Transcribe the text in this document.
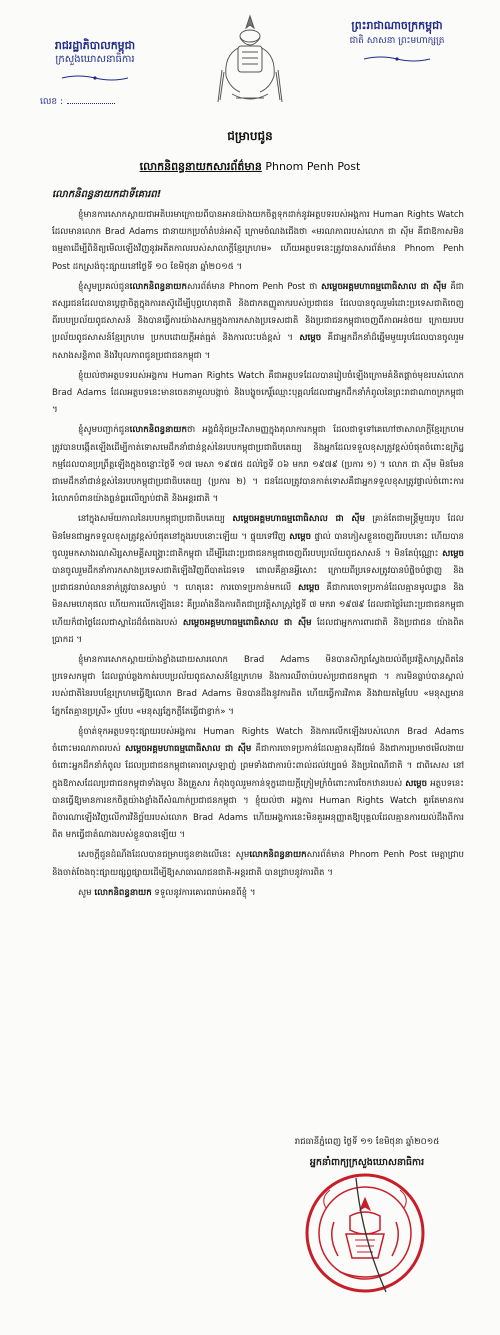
រាជរដ្ឋាភិបាលកម្ពុជា
ក្រសួងឃោសនាធិការ
លេខ :
ព្រះរាជាណាចក្រកម្ពុជា
ជាតិ សាសនា ព្រះមហាក្សត្រ
ជម្រាបជូន
លោកនិពន្ធនាយកសារព័ត៌មាន Phnom Penh Post
លោកនិពន្ធនាយកជាទីគោរព!

ខ្ញុំមានការសោកស្តាយជាអតិបរមាក្រោយពីបានអានយ៉ាងយកចិត្តទុកដាក់នូវអត្ថបទរបស់អង្គការ Human Rights Watch ដែលមានលោក Brad Adams ជានាយកប្រចាំតំបន់អាស៊ី ក្រោមចំណងជើងថា «មរណភាពរបស់លោក ជា ស៊ីម គឺជាឱកាសមិនធម្មតាដើម្បីពិនិត្យមើលឡើងវិញនូវអតីតកាលរបស់សាលាក្តីខ្មែរក្រហម» ហើយអត្ថបទនេះត្រូវបានសារព័ត៌មាន Phnom Penh Post ដកស្រង់ចុះផ្សាយនៅថ្ងៃទី ១០ ខែមិថុនា ឆ្នាំ២០១៥ ។

ខ្ញុំសូមប្រគល់ជូនលោកនិពន្ធនាយកសារព័ត៌មាន Phnom Penh Post ថា សម្តេចអគ្គមហាធម្មពោធិសាល ជា ស៊ីម គឺជាឥស្សរជនដែលបានប្តេជ្ញាចិត្តក្នុងការតស៊ូដើម្បីបុព្វហេតុជាតិ និងជាកតញ្ញូតាករបស់ប្រជាជន ដែលបានចូលរួមរំដោះប្រទេសជាតិចេញពីរបបប្រល័យពូជសាសន៍ និងបានធ្វើការយ៉ាងសកម្មក្នុងការកសាងប្រទេសជាតិ និងប្រជាជនកម្ពុជាចេញពីភាពអន់ថយ ក្រោយរបបប្រល័យពូជសាសន៍ខ្មែរក្រហម ប្រកបដោយក្តីអត់ធ្មត់ និងការលះបង់ខ្ពស់ ។ សម្តេច គឺជាអ្នកដឹកនាំដ៏ឆ្នើមមួយរូបដែលបានចូលរួមកសាងសន្តិភាព និងវិបុលភាពជូនប្រជាជនកម្ពុជា ។

ខ្ញុំយល់ថាអត្ថបទរបស់អង្គការ Human Rights Watch គឺជាអត្ថបទដែលបានរៀបចំឡើងក្រោមគំនិតផ្តាច់មុខរបស់លោក Brad Adams ដែលអត្ថបទនេះមានចេតនាមួលបង្កាច់ និងបង្ខូចកេរ្តិ៍ឈ្មោះបុគ្គលដែលជាអ្នកដឹកនាំកំពូលនៃព្រះរាជាណាចក្រកម្ពុជា ។

ខ្ញុំសូមបញ្ជាក់ជូនលោកនិពន្ធនាយកថា អង្គជំនុំជម្រះវិសាមញ្ញក្នុងតុលាការកម្ពុជា ដែលជាទូទៅគេហៅថាសាលាក្តីខ្មែរក្រហម ត្រូវបានបង្កើតឡើងដើម្បីកាត់ទោសមេដឹកនាំជាន់ខ្ពស់នៃរបបកម្ពុជាប្រជាធិបតេយ្យ និងអ្នកដែលទទួលខុសត្រូវខ្ពស់បំផុតចំពោះឧក្រិដ្ឋកម្មដែលបានប្រព្រឹត្តឡើងក្នុងចន្លោះថ្ងៃទី ១៧ មេសា ១៩៧៥ ដល់ថ្ងៃទី ០៦ មករា ១៩៧៩ (ប្រការ ១) ។ លោក ជា ស៊ីម មិនមែនជាមេដឹកនាំជាន់ខ្ពស់នៃរបបកម្ពុជាប្រជាធិបតេយ្យ (ប្រការ ២) ។ ជនដែលត្រូវបានកាត់ទោសគឺជាអ្នកទទួលខុសត្រូវផ្ទាល់ចំពោះការរំលោភបំពានយ៉ាងធ្ងន់ធ្ងរលើច្បាប់ជាតិ និងអន្តរជាតិ ។

នៅក្នុងសម័យកាលនៃរបបកម្ពុជាប្រជាធិបតេយ្យ សម្តេចអគ្គមហាធម្មពោធិសាល ជា ស៊ីម គ្រាន់តែជាមន្ត្រីមួយរូប ដែលមិនមែនជាអ្នកទទួលខុសត្រូវខ្ពស់បំផុតនៅក្នុងរបបនោះឡើយ ។ ផ្ទុយទៅវិញ សម្តេច ផ្ទាល់ បានភៀសខ្លួនចេញពីរបបនោះ ហើយបានចូលរួមកសាងរណសិរ្សសាមគ្គីសង្គ្រោះជាតិកម្ពុជា ដើម្បីរំដោះប្រជាជនកម្ពុជាចេញពីរបបប្រល័យពូជសាសន៍ ។ មិនតែប៉ុណ្ណោះ សម្តេច បានចូលរួមដឹកនាំការកសាងប្រទេសជាតិឡើងវិញពីបាតដៃទទេ ពោលគឺគ្មានអ្វីសោះ ក្រោយពីប្រទេសត្រូវបានបំផ្លិចបំផ្លាញ និងប្រជាជនរាប់លាននាក់ត្រូវបានសម្លាប់ ។ ហេតុនេះ ការចោទប្រកាន់មកលើ សម្តេច គឺជាការចោទប្រកាន់ដែលគ្មានមូលដ្ឋាន និងមិនសមហេតុផល ហើយការលើកឡើងនេះ គឺប្រឆាំងនឹងការពិតជាប្រវត្តិសាស្ត្រថ្ងៃទី ៧ មករា ១៩៧៩ ដែលជាថ្ងៃរំដោះប្រជាជនកម្ពុជា ហើយក៏ជាថ្ងៃដែលជាស្នាដៃដ៏ធំធេងរបស់ សម្តេចអគ្គមហាធម្មពោធិសាល ជា ស៊ីម ដែលជាអ្នកការពារជាតិ និងប្រជាជន យ៉ាងពិតប្រាកដ ។

ខ្ញុំមានការសោកស្តាយយ៉ាងខ្លាំងដោយសារលោក Brad Adams មិនបានសិក្សាស្វែងយល់ពីប្រវត្តិសាស្ត្រពិតនៃប្រទេសកម្ពុជា ដែលធ្លាប់ឆ្លងកាត់របបប្រល័យពូជសាសន៍ខ្មែរក្រហម និងការឈឺចាប់របស់ប្រជាជនកម្ពុជា ។ ការមិនធ្លាប់បានស្គាល់របស់ជាតិនៃរបបខ្មែរក្រហមធ្វើឱ្យលោក Brad Adams មិនបានដឹងនូវការពិត ហើយធ្វើការវិភាគ និងវាយតម្លៃបែប «មនុស្សមានភ្នែកតែគ្មានប្រស្រី» ឬបែប «មនុស្សភ្នែកភ្លឺតែធ្វើជាខ្វាក់» ។

ខ្ញុំចាត់ទុកអត្ថបទចុះផ្សាយរបស់អង្គការ Human Rights Watch និងការលើកឡើងរបស់លោក Brad Adams ចំពោះមរណភាពរបស់ សម្តេចអគ្គមហាធម្មពោធិសាល ជា ស៊ីម គឺជាការចោទប្រកាន់ដែលគ្មានសុជីវធម៌ និងជាការប្រមាថមើលងាយចំពោះអ្នកដឹកនាំកំពូល ដែលប្រជាជនកម្ពុជាគោរពស្រឡាញ់ ព្រមទាំងជាការប៉ះពាល់ដល់វប្បធម៌ និងប្រពៃណីជាតិ ។ ជាពិសេស នៅក្នុងឱកាសដែលប្រជាជនកម្ពុជាទាំងមូល និងគ្រួសារ កំពុងចូលរួមកាន់ទុក្ខដោយក្តីក្រៀមក្រំចំពោះការចែកឋានរបស់ សម្តេច អត្ថបទនេះបានធ្វើឱ្យមានការខកចិត្តយ៉ាងខ្លាំងពីសំណាក់ប្រជាជនកម្ពុជា ។ ខ្ញុំយល់ថា អង្គការ Human Rights Watch គួរតែមានការពិចារណាឡើងវិញលើការវិនិច្ឆ័យរបស់លោក Brad Adams ហើយអង្គការនេះមិនគួរអនុញ្ញាតឱ្យបុគ្គលដែលគ្មានការយល់ដឹងពីការពិត មកធ្វើជាតំណាងរបស់ខ្លួនបានឡើយ ។

សេចក្តីជូនដំណឹងដែលបានជម្រាបជូនខាងលើនេះ សូមលោកនិពន្ធនាយកសារព័ត៌មាន Phnom Penh Post មេត្តាជ្រាប និងចាត់ចែងចុះផ្សាយផ្សព្វផ្សាយដើម្បីឱ្យសាធារណជនជាតិ-អន្តរជាតិ បានជ្រាបនូវការពិត ។

សូម លោកនិពន្ធនាយក ទទួលនូវការគោរពរាប់អានពីខ្ញុំ ។

រាជធានីភ្នំពេញ ថ្ងៃទី ១១ ខែមិថុនា ឆ្នាំ២០១៥
អ្នកនាំពាក្យក្រសួងឃោសនាធិការ
